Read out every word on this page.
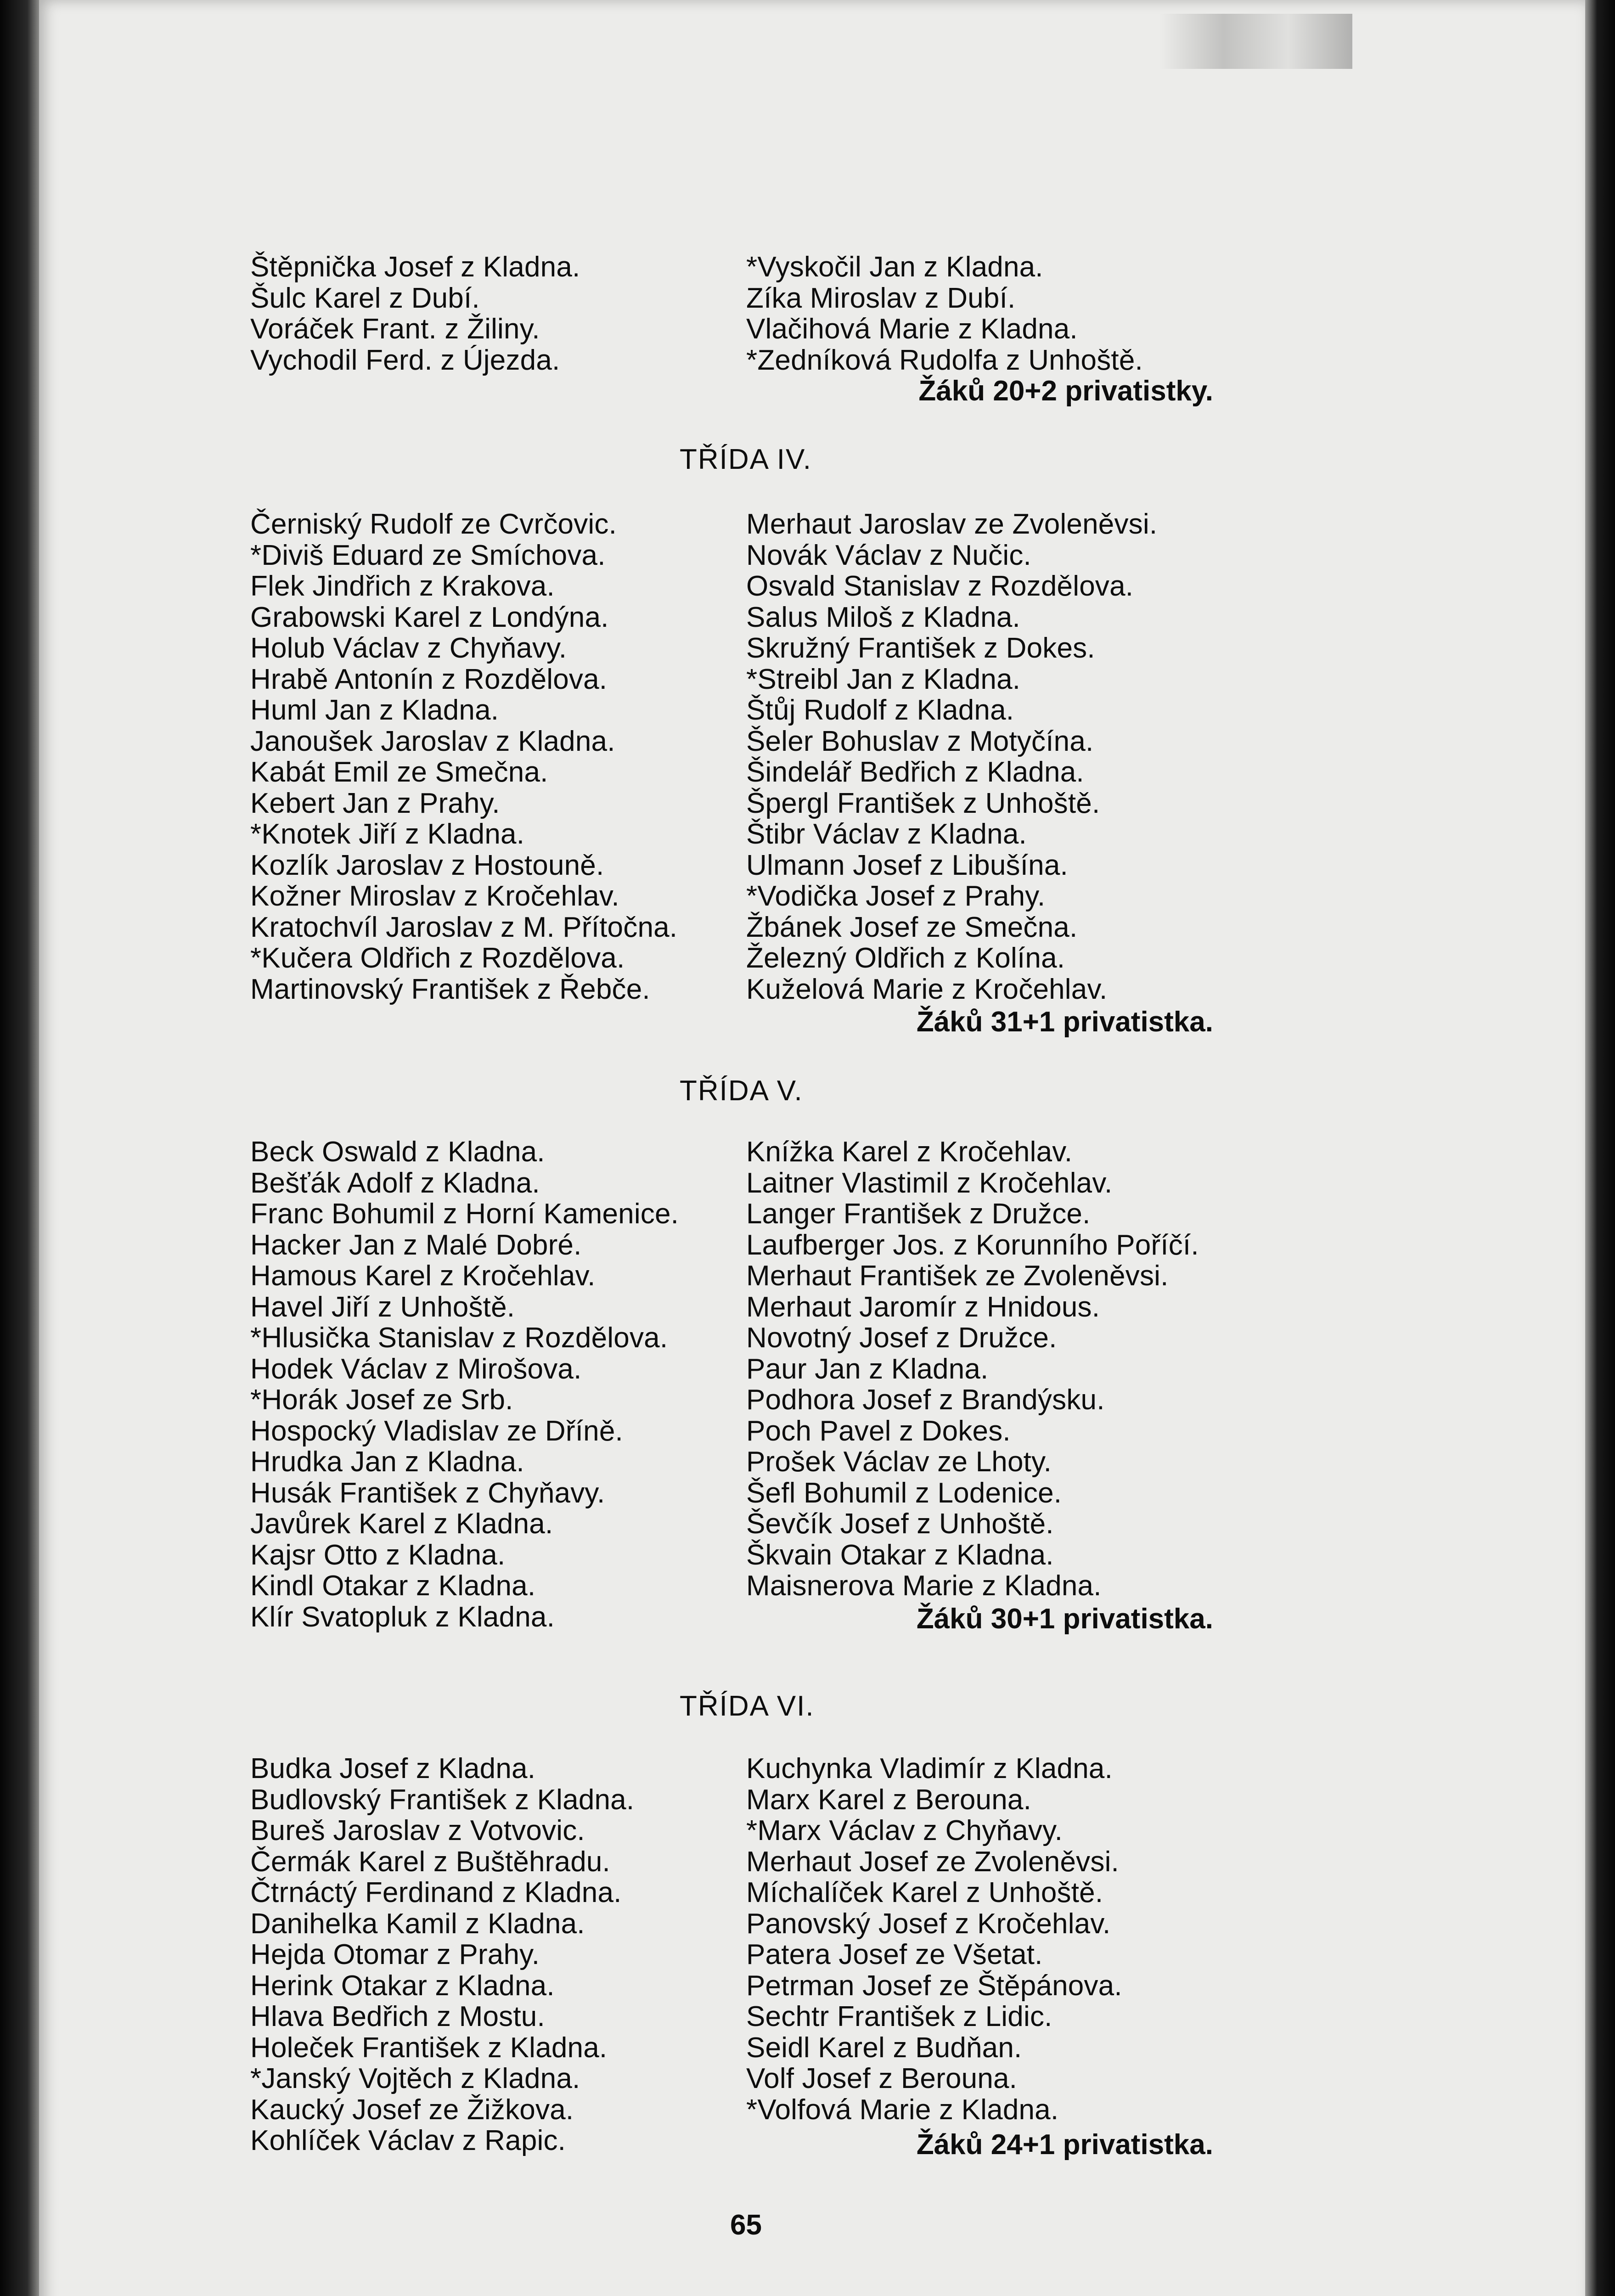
Štěpnička Josef z Kladna.
Šulc Karel z Dubí.
Voráček Frant. z Žiliny.
Vychodil Ferd. z Újezda.
*Vyskočil Jan z Kladna.
Zíka Miroslav z Dubí.
Vlačihová Marie z Kladna.
*Zedníková Rudolfa z Unhoště.
Žáků 20+2 privatistky.
TŘÍDA IV.
Černiský Rudolf ze Cvrčovic.
*Diviš Eduard ze Smíchova.
Flek Jindřich z Krakova.
Grabowski Karel z Londýna.
Holub Václav z Chyňavy.
Hrabě Antonín z Rozdělova.
Huml Jan z Kladna.
Janoušek Jaroslav z Kladna.
Kabát Emil ze Smečna.
Kebert Jan z Prahy.
*Knotek Jiří z Kladna.
Kozlík Jaroslav z Hostouně.
Kožner Miroslav z Kročehlav.
Kratochvíl Jaroslav z M. Přítočna.
*Kučera Oldřich z Rozdělova.
Martinovský František z Řebče.
Merhaut Jaroslav ze Zvoleněvsi.
Novák Václav z Nučic.
Osvald Stanislav z Rozdělova.
Salus Miloš z Kladna.
Skružný František z Dokes.
*Streibl Jan z Kladna.
Štůj Rudolf z Kladna.
Šeler Bohuslav z Motyčína.
Šindelář Bedřich z Kladna.
Špergl František z Unhoště.
Štibr Václav z Kladna.
Ulmann Josef z Libušína.
*Vodička Josef z Prahy.
Žbánek Josef ze Smečna.
Železný Oldřich z Kolína.
Kuželová Marie z Kročehlav.
Žáků 31+1 privatistka.
TŘÍDA V.
Beck Oswald z Kladna.
Bešťák Adolf z Kladna.
Franc Bohumil z Horní Kamenice.
Hacker Jan z Malé Dobré.
Hamous Karel z Kročehlav.
Havel Jiří z Unhoště.
*Hlusička Stanislav z Rozdělova.
Hodek Václav z Mirošova.
*Horák Josef ze Srb.
Hospocký Vladislav ze Dříně.
Hrudka Jan z Kladna.
Husák František z Chyňavy.
Javůrek Karel z Kladna.
Kajsr Otto z Kladna.
Kindl Otakar z Kladna.
Klír Svatopluk z Kladna.
Knížka Karel z Kročehlav.
Laitner Vlastimil z Kročehlav.
Langer František z Družce.
Laufberger Jos. z Korunního Poříčí.
Merhaut František ze Zvoleněvsi.
Merhaut Jaromír z Hnidous.
Novotný Josef z Družce.
Paur Jan z Kladna.
Podhora Josef z Brandýsku.
Poch Pavel z Dokes.
Prošek Václav ze Lhoty.
Šefl Bohumil z Lodenice.
Ševčík Josef z Unhoště.
Škvain Otakar z Kladna.
Maisnerova Marie z Kladna.
Žáků 30+1 privatistka.
TŘÍDA VI.
Budka Josef z Kladna.
Budlovský František z Kladna.
Bureš Jaroslav z Votvovic.
Čermák Karel z Buštěhradu.
Čtrnáctý Ferdinand z Kladna.
Danihelka Kamil z Kladna.
Hejda Otomar z Prahy.
Herink Otakar z Kladna.
Hlava Bedřich z Mostu.
Holeček František z Kladna.
*Janský Vojtěch z Kladna.
Kaucký Josef ze Žižkova.
Kohlíček Václav z Rapic.
Kuchynka Vladimír z Kladna.
Marx Karel z Berouna.
*Marx Václav z Chyňavy.
Merhaut Josef ze Zvoleněvsi.
Míchalíček Karel z Unhoště.
Panovský Josef z Kročehlav.
Patera Josef ze Všetat.
Petrman Josef ze Štěpánova.
Sechtr František z Lidic.
Seidl Karel z Budňan.
Volf Josef z Berouna.
*Volfová Marie z Kladna.
Žáků 24+1 privatistka.
65
